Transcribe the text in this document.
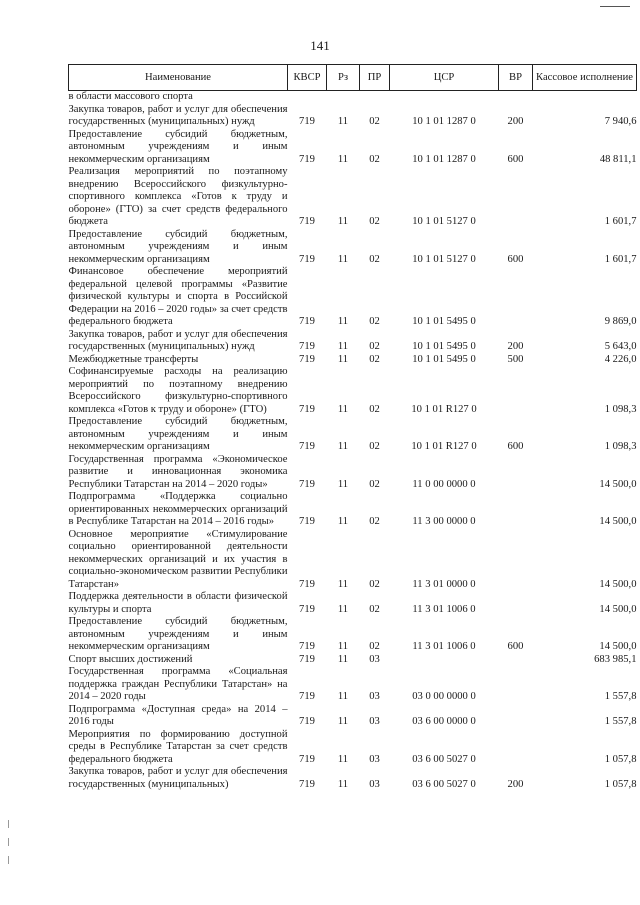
141
Наименование	КВСР	Рз	ПР	ЦСР	ВР	Кассовое исполнение
в области массового спорта						
Закупка товаров, работ и услуг для обеспечения государственных (муниципальных) нужд	719	11	02	10 1 01 1287 0	200	7 940,6
Предоставление субсидий бюджетным, автономным учреждениям и иным некоммерческим организациям	719	11	02	10 1 01 1287 0	600	48 811,1
Реализация мероприятий по поэтапному внедрению Всероссийского физкультурно-спортивного комплекса «Готов к труду и обороне» (ГТО) за счет средств федерального бюджета	719	11	02	10 1 01 5127 0		1 601,7
Предоставление субсидий бюджетным, автономным учреждениям и иным некоммерческим организациям	719	11	02	10 1 01 5127 0	600	1 601,7
Финансовое обеспечение мероприятий федеральной целевой программы «Развитие физической культуры и спорта в Российской Федерации на 2016 – 2020 годы» за счет средств федерального бюджета	719	11	02	10 1 01 5495 0		9 869,0
Закупка товаров, работ и услуг для обеспечения государственных (муниципальных) нужд	719	11	02	10 1 01 5495 0	200	5 643,0
Межбюджетные трансферты	719	11	02	10 1 01 5495 0	500	4 226,0
Софинансируемые расходы на реализацию мероприятий по поэтапному внедрению Всероссийского физкультурно-спортивного комплекса «Готов к труду и обороне» (ГТО)	719	11	02	10 1 01 R127 0		1 098,3
Предоставление субсидий бюджетным, автономным учреждениям и иным некоммерческим организациям	719	11	02	10 1 01 R127 0	600	1 098,3
Государственная программа «Экономическое развитие и инновационная экономика Республики Татарстан на 2014 – 2020 годы»	719	11	02	11 0 00 0000 0		14 500,0
Подпрограмма «Поддержка социально ориентированных некоммерческих организаций в Республике Татарстан на 2014 – 2016 годы»	719	11	02	11 3 00 0000 0		14 500,0
Основное мероприятие «Стимулирование социально ориентированной деятельности некоммерческих организаций и их участия в социально-экономическом развитии Республики Татарстан»	719	11	02	11 3 01 0000 0		14 500,0
Поддержка деятельности в области физической культуры и спорта	719	11	02	11 3 01 1006 0		14 500,0
Предоставление субсидий бюджетным, автономным учреждениям и иным некоммерческим организациям	719	11	02	11 3 01 1006 0	600	14 500,0
Спорт высших достижений	719	11	03			683 985,1
Государственная программа «Социальная поддержка граждан Республики Татарстан» на 2014 – 2020 годы	719	11	03	03 0 00 0000 0		1 557,8
Подпрограмма «Доступная среда» на 2014 – 2016 годы	719	11	03	03 6 00 0000 0		1 557,8
Мероприятия по формированию доступной среды в Республике Татарстан за счет средств федерального бюджета	719	11	03	03 6 00 5027 0		1 057,8
Закупка товаров, работ и услуг для обеспечения государственных (муниципальных)	719	11	03	03 6 00 5027 0	200	1 057,8
